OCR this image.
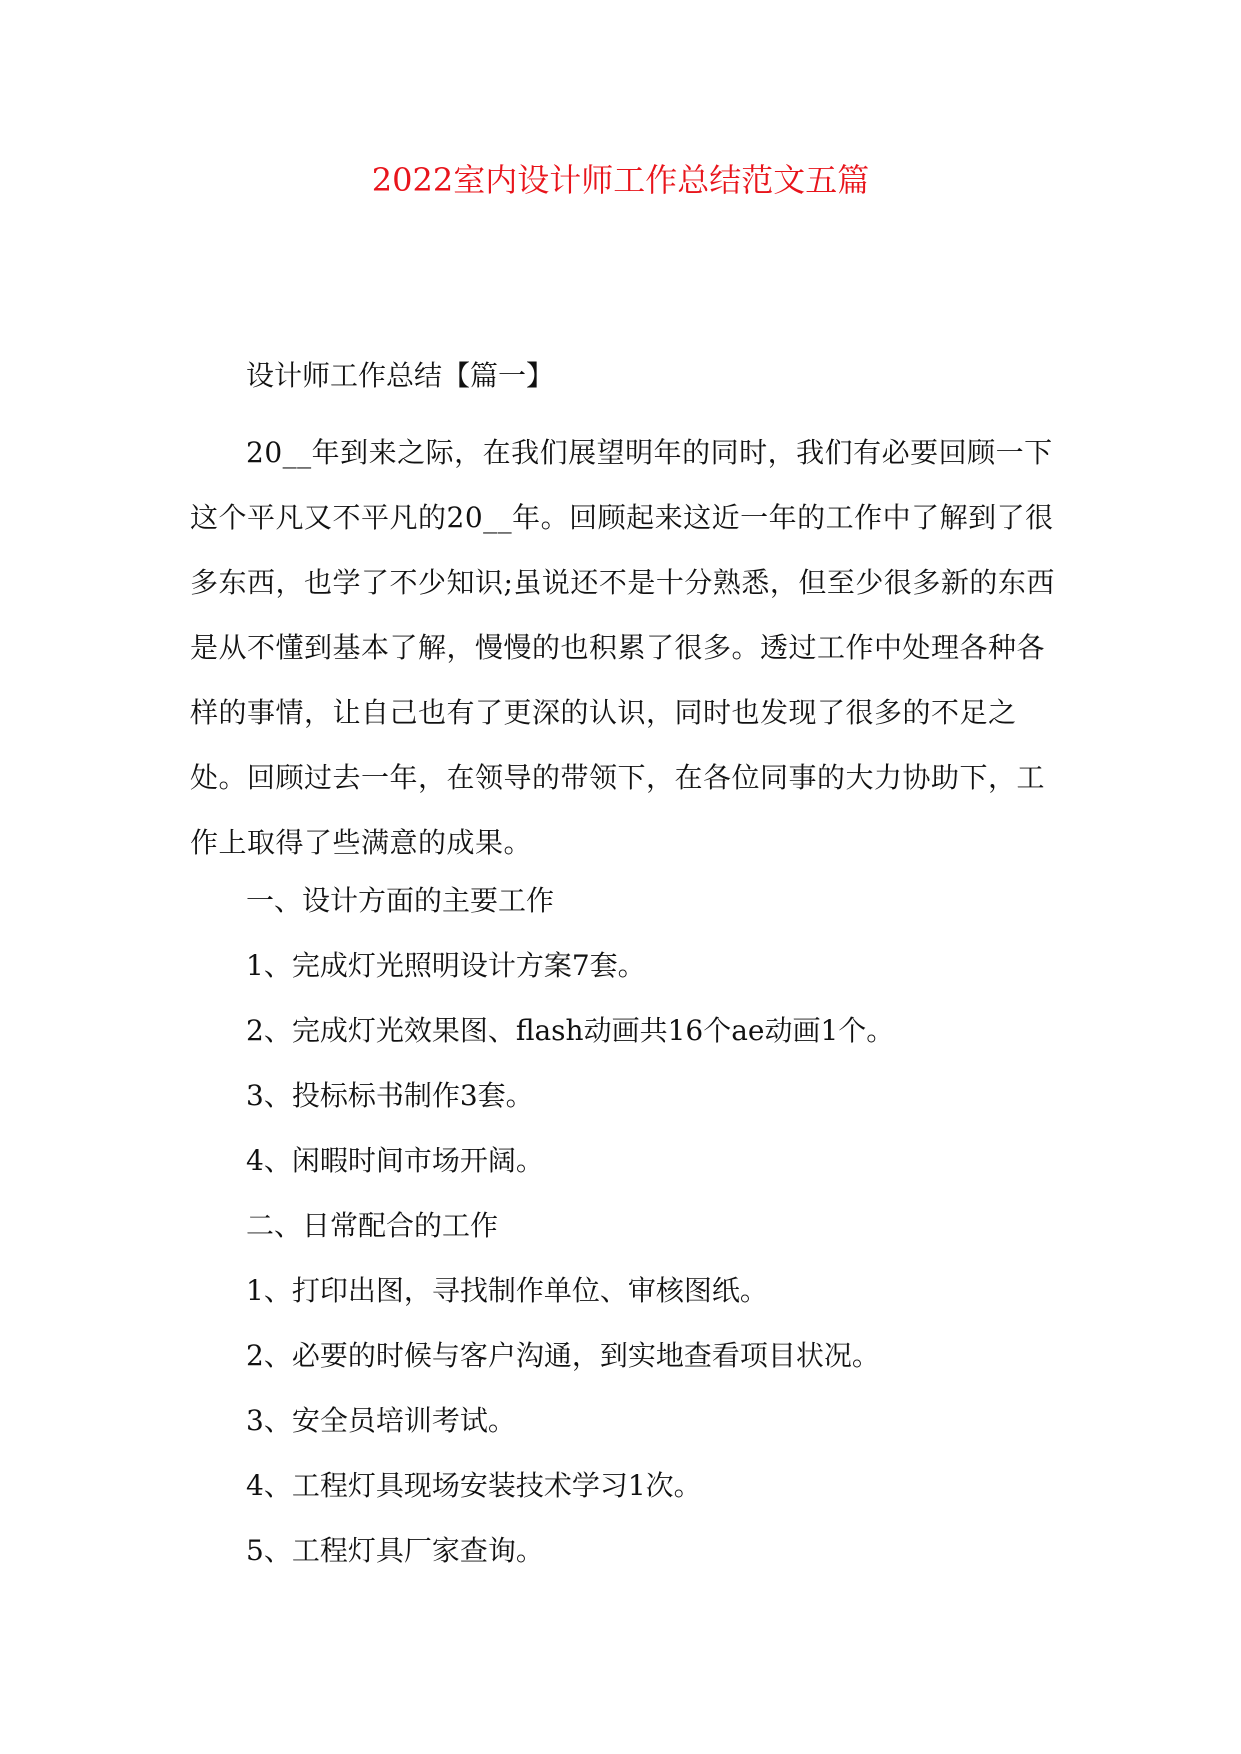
2022室内设计师工作总结范文五篇

设计师工作总结【篇一】

20__年到来之际，在我们展望明年的同时，我们有必要回顾一下这个平凡又不平凡的20__年。回顾起来这近一年的工作中了解到了很多东西，也学了不少知识;虽说还不是十分熟悉，但至少很多新的东西是从不懂到基本了解，慢慢的也积累了很多。透过工作中处理各种各样的事情，让自己也有了更深的认识，同时也发现了很多的不足之处。回顾过去一年，在领导的带领下，在各位同事的大力协助下，工作上取得了些满意的成果。

一、设计方面的主要工作
1、完成灯光照明设计方案7套。
2、完成灯光效果图、flash动画共16个ae动画1个。
3、投标标书制作3套。
4、闲暇时间市场开阔。
二、日常配合的工作
1、打印出图，寻找制作单位、审核图纸。
2、必要的时候与客户沟通，到实地查看项目状况。
3、安全员培训考试。
4、工程灯具现场安装技术学习1次。
5、工程灯具厂家查询。
